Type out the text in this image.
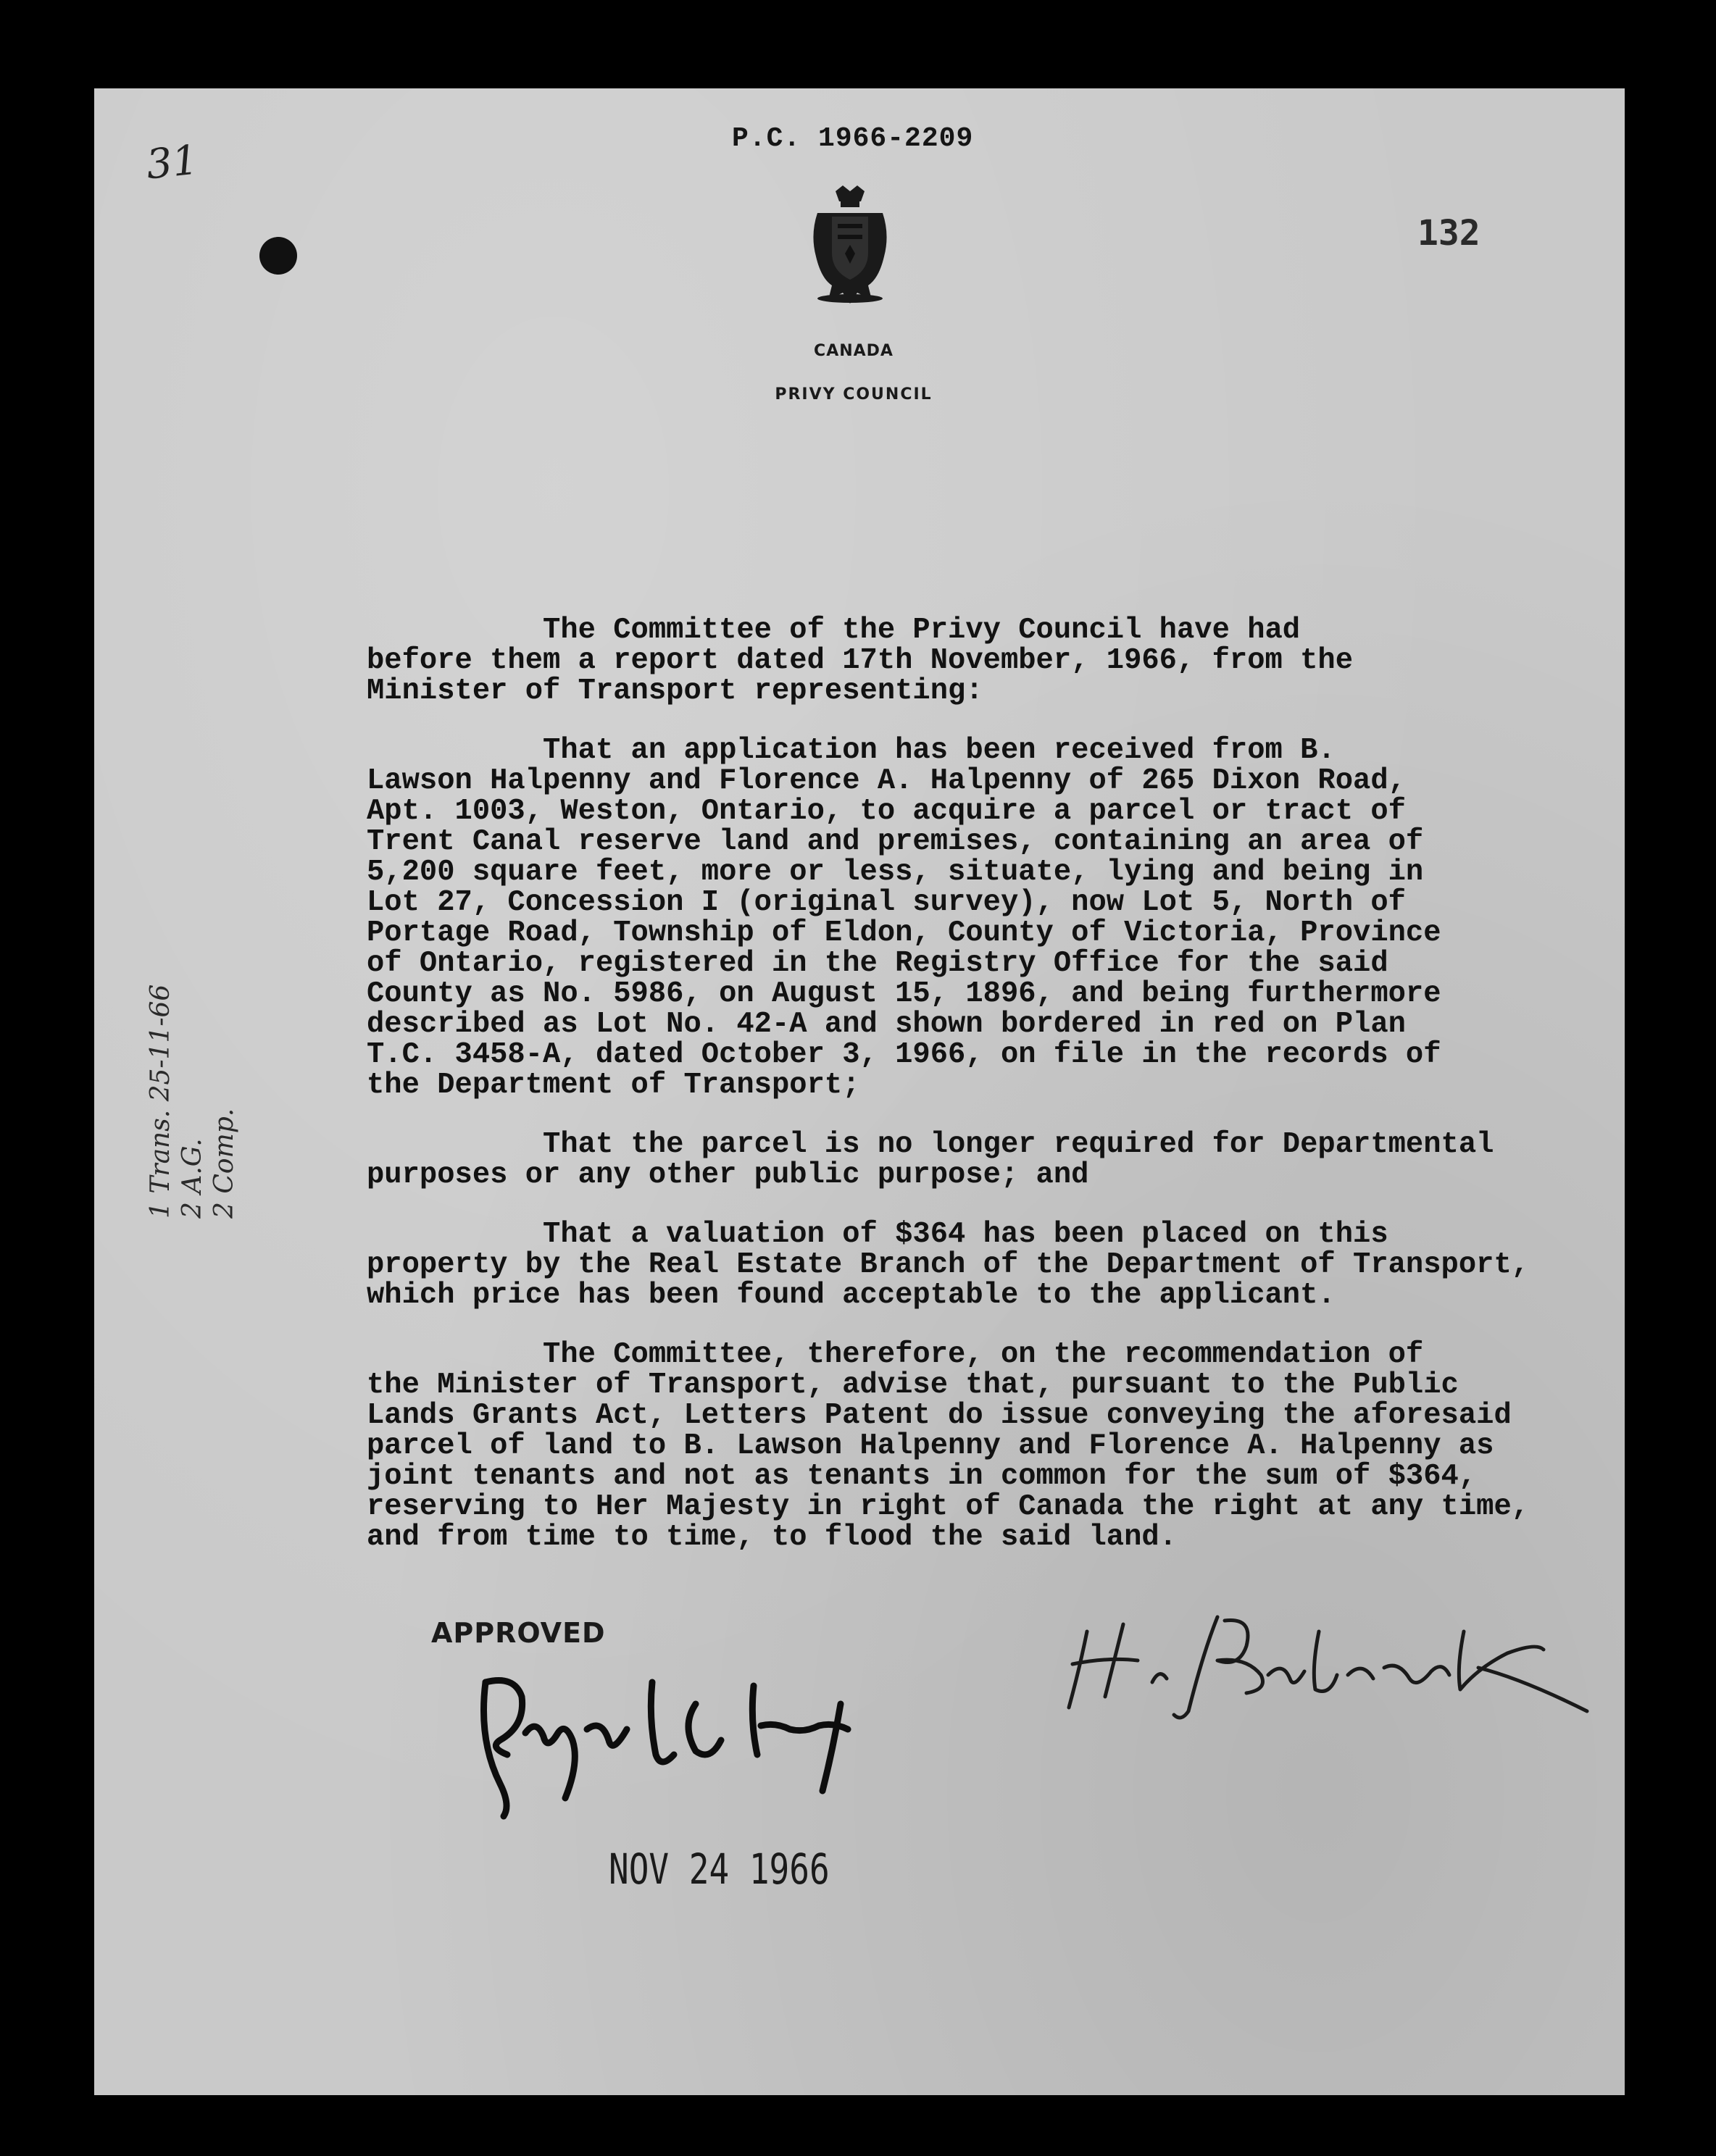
31	P.C. 1966-2209
132
CANADA
PRIVY COUNCIL
The Committee of the Privy Council have had
before them a report dated 17th November, 1966, from the
Minister of Transport representing:
That an application has been received from B.
Lawson Halpenny and Florence A. Halpenny of 265 Dixon Road,
Apt. 1003, Weston, Ontario, to acquire a parcel or tract of
Trent Canal reserve land and premises, containing an area of
5,200 square feet, more or less, situate, lying and being in
Lot 27, Concession I (original survey), now Lot 5, North of
Portage Road, Township of Eldon, County of Victoria, Province
of Ontario, registered in the Registry Office for the said
County as No. 5986, on August 15, 1896, and being furthermore
described as Lot No. 42-A and shown bordered in red on Plan
T.C. 3458-A, dated October 3, 1966, on file in the records of
the Department of Transport;
That the parcel is no longer required for Departmental
purposes or any other public purpose; and
That a valuation of $364 has been placed on this
property by the Real Estate Branch of the Department of Transport,
which price has been found acceptable to the applicant.
The Committee, therefore, on the recommendation of
the Minister of Transport, advise that, pursuant to the Public
Lands Grants Act, Letters Patent do issue conveying the aforesaid
parcel of land to B. Lawson Halpenny and Florence A. Halpenny as
joint tenants and not as tenants in common for the sum of $364,
reserving to Her Majesty in right of Canada the right at any time,
and from time to time, to flood the said land.
1 Trans. 25-11-66 2 A.G. 2 Comp.
APPROVED
NOV 24 1966
